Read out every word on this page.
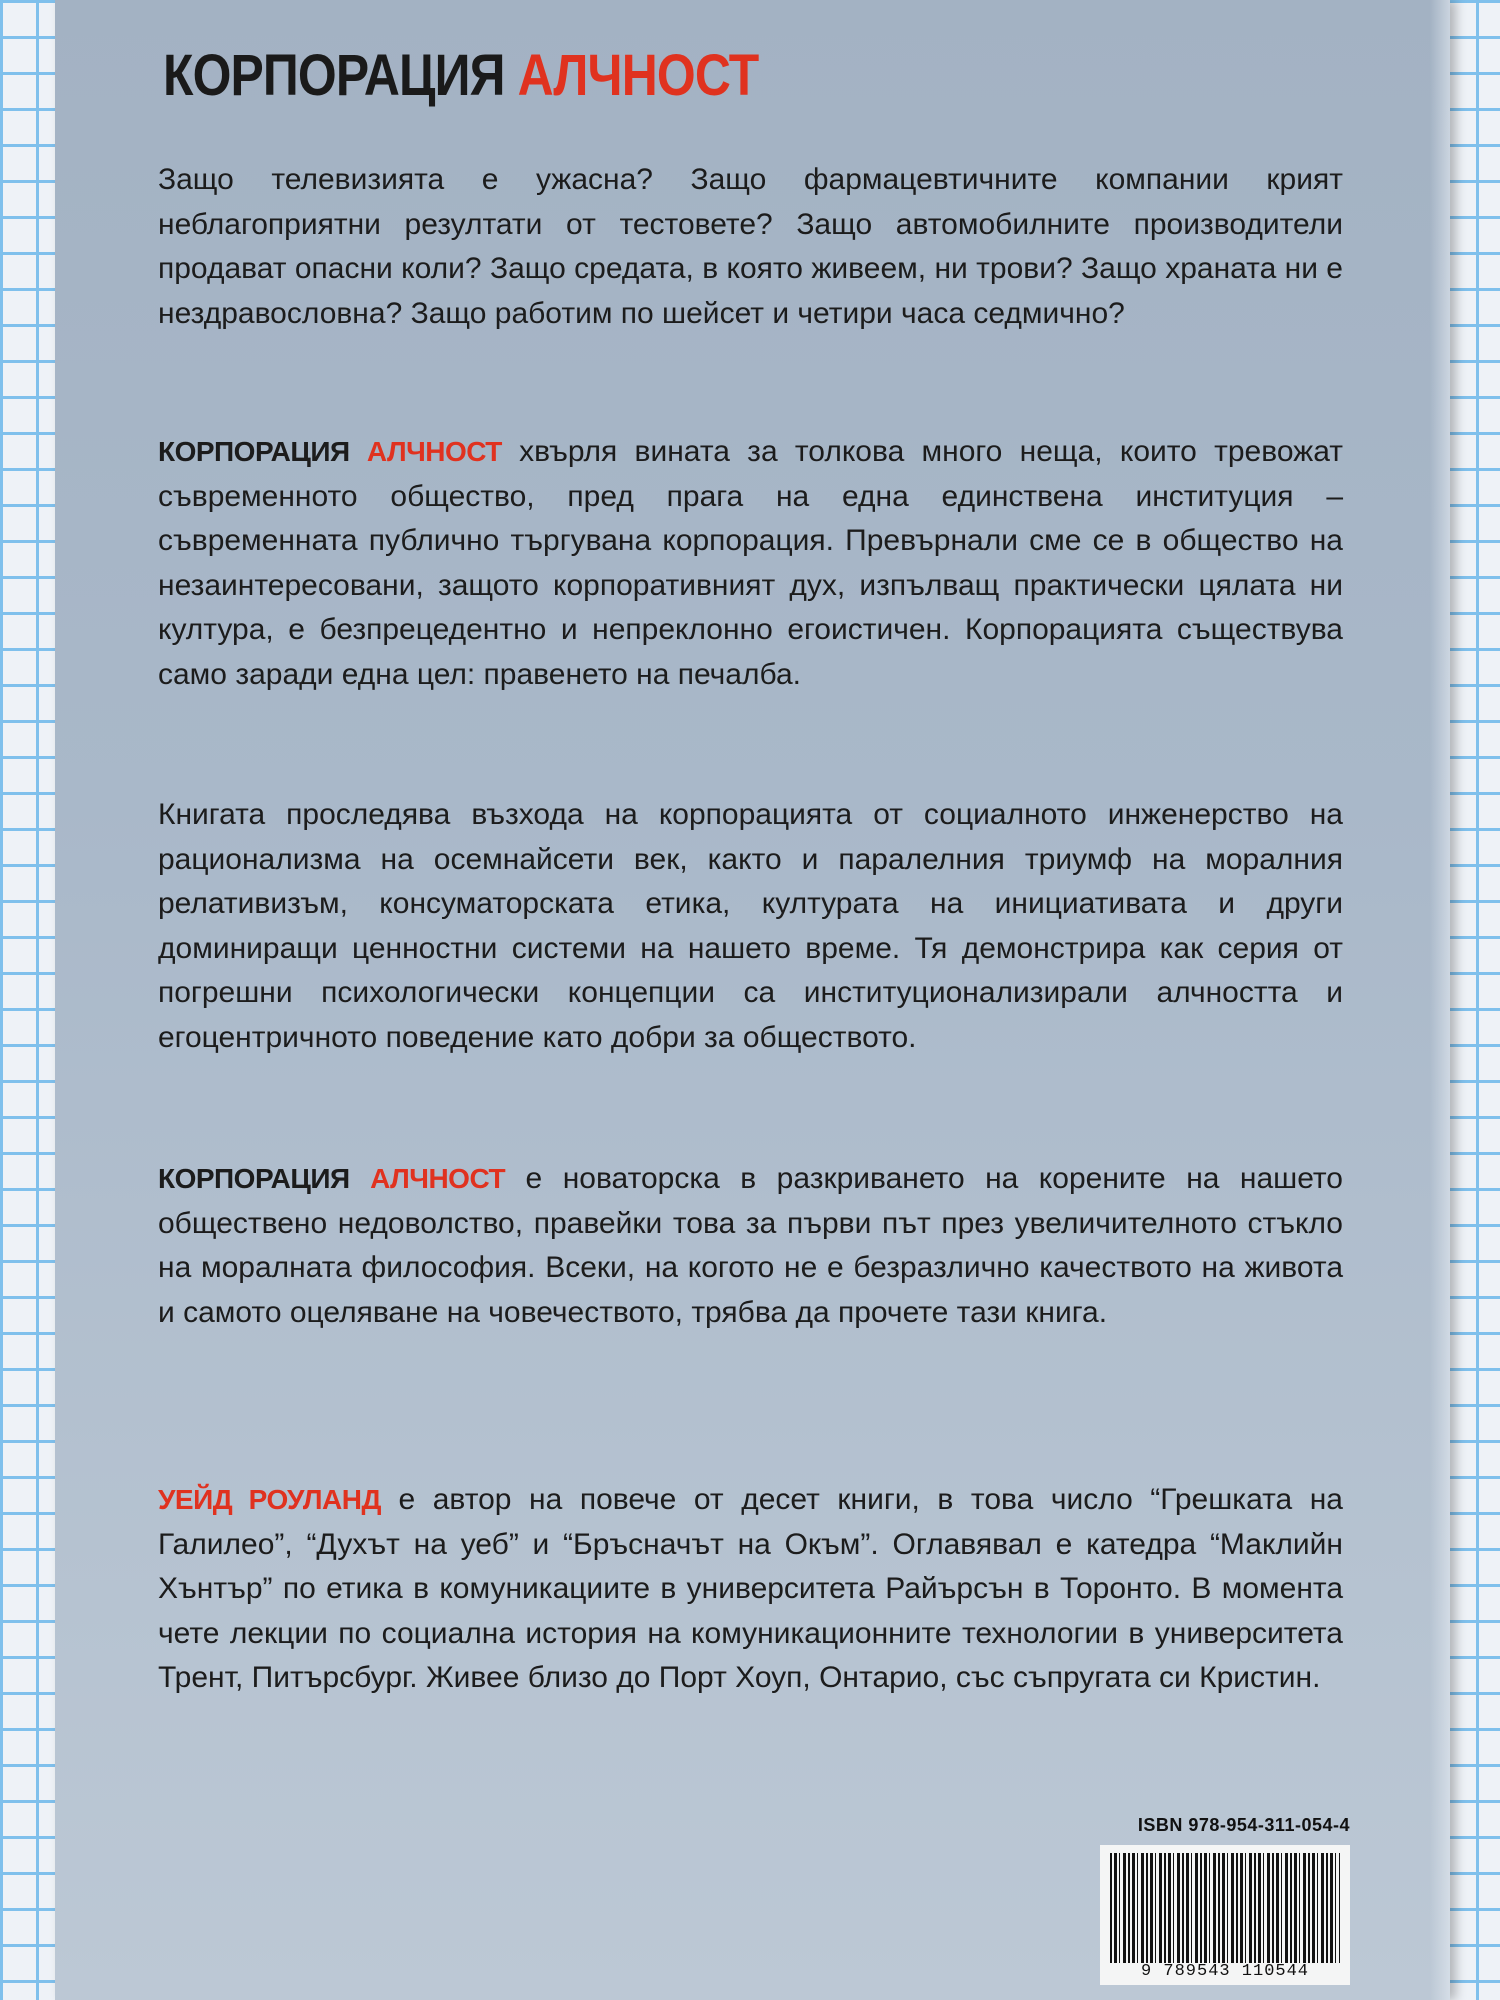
КОРПОРАЦИЯ АЛЧНОСТ

Защо телевизията е ужасна? Защо фармацевтичните компании крият неблагоприятни резултати от тестовете? Защо автомобилните производители продават опасни коли? Защо средата, в която живеем, ни трови? Защо храната ни е нездравословна? Защо работим по шейсет и четири часа седмично?

КОРПОРАЦИЯ АЛЧНОСТ хвърля вината за толкова много неща, които тревожат съвременното общество, пред прага на една единствена институция – съвременната публично търгувана корпорация. Превърнали сме се в общество на незаинтересовани, защото корпоративният дух, изпълващ практически цялата ни култура, е безпрецедентно и непреклонно егоистичен. Корпорацията съществува само заради една цел: правенето на печалба.

Книгата проследява възхода на корпорацията от социалното инженерство на рационализма на осемнайсети век, както и паралелния триумф на моралния релативизъм, консуматорската етика, културата на инициативата и други доминиращи ценностни системи на нашето време. Тя демонстрира как серия от погрешни психологически концепции са институционализирали алчността и егоцентричното поведение като добри за обществото.

КОРПОРАЦИЯ АЛЧНОСТ е новаторска в разкриването на корените на нашето обществено недоволство, правейки това за първи път през увеличителното стъкло на моралната философия. Всеки, на когото не е безразлично качеството на живота и самото оцеляване на човечеството, трябва да прочете тази книга.

УЕЙД РОУЛАНД е автор на повече от десет книги, в това число “Грешката на Галилео”, “Духът на уеб” и “Бръсначът на Окъм”. Оглавявал е катедра “Маклийн Хънтър” по етика в комуникациите в университета Райърсън в Торонто. В момента чете лекции по социална история на комуникационните технологии в университета Трент, Питърсбург. Живее близо до Порт Хоуп, Онтарио, със съпругата си Кристин.

ISBN 978-954-311-054-4
9 789543 110544
